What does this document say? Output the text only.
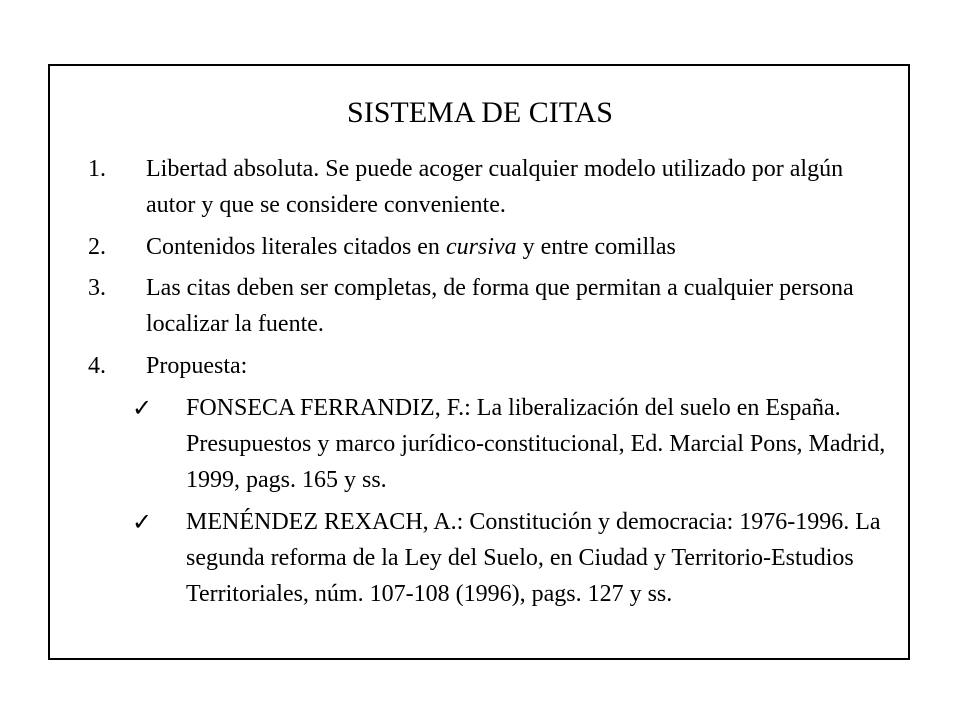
SISTEMA DE CITAS
1. Libertad absoluta. Se puede acoger cualquier modelo utilizado por algún autor y que se considere conveniente.
2. Contenidos literales citados en cursiva y entre comillas
3. Las citas deben ser completas, de forma que permitan a cualquier persona localizar la fuente.
4. Propuesta:
✓ FONSECA FERRANDIZ, F.: La liberalización del suelo en España. Presupuestos y marco jurídico-constitucional, Ed. Marcial Pons, Madrid, 1999, pags. 165 y ss.
✓ MENÉNDEZ REXACH, A.: Constitución y democracia: 1976-1996. La segunda reforma de la Ley del Suelo, en Ciudad y Territorio-Estudios Territoriales, núm. 107-108 (1996), pags. 127 y ss.
